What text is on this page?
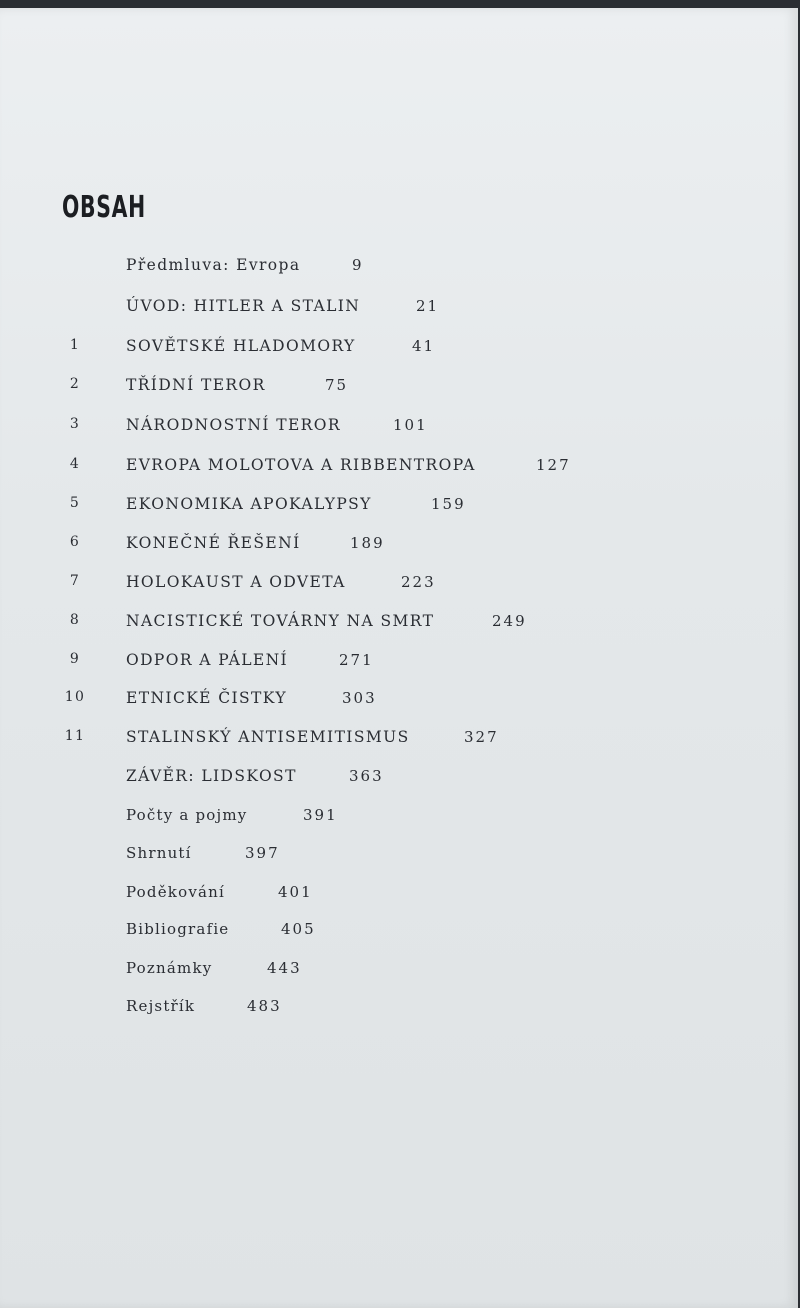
OBSAH
Předmluva: Evropa	9
ÚVOD: HITLER A STALIN	21
1	SOVĚTSKÉ HLADOMORY	41
2	TŘÍDNÍ TEROR	75
3	NÁRODNOSTNÍ TEROR	101
4	EVROPA MOLOTOVA A RIBBENTROPA	127
5	EKONOMIKA APOKALYPSY	159
6	KONEČNÉ ŘEŠENÍ	189
7	HOLOKAUST A ODVETA	223
8	NACISTICKÉ TOVÁRNY NA SMRT	249
9	ODPOR A PÁLENÍ	271
10	ETNICKÉ ČISTKY	303
11	STALINSKÝ ANTISEMITISMUS	327
ZÁVĚR: LIDSKOST	363
Počty a pojmy	391
Shrnutí	397
Poděkování	401
Bibliografie	405
Poznámky	443
Rejstřík	483
